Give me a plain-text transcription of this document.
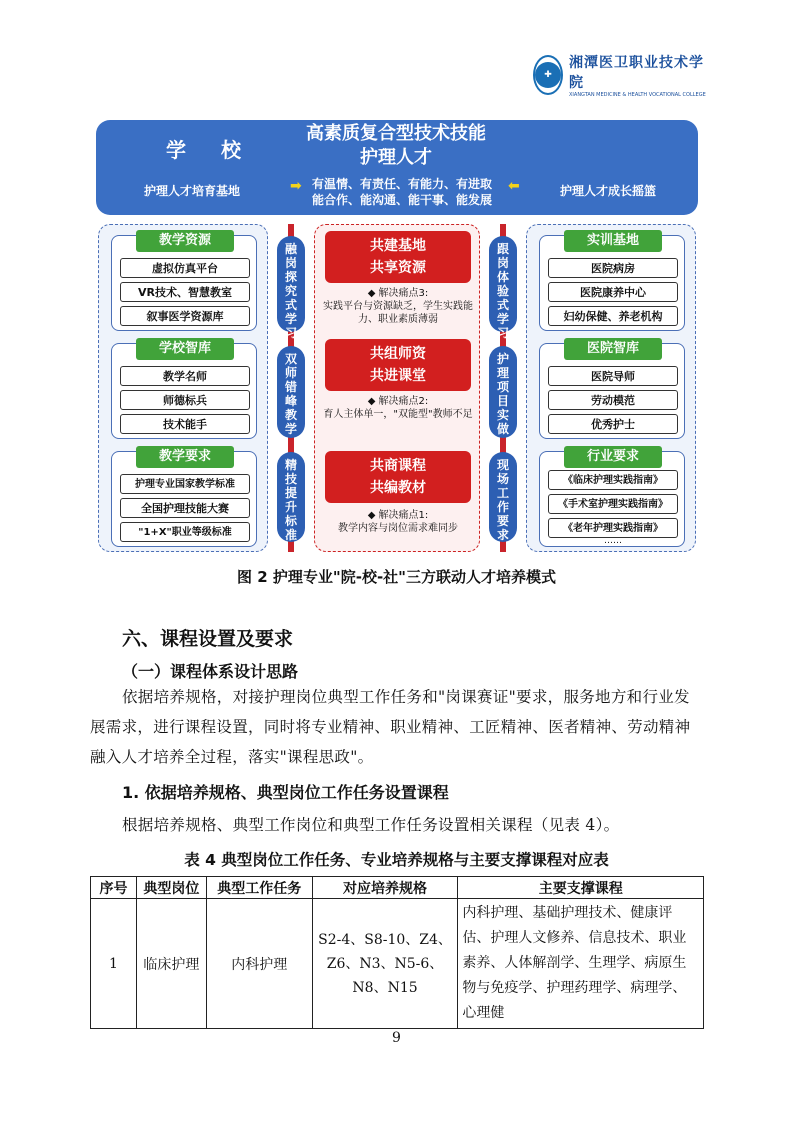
✚
湘潭医卫职业技术学院
XIANGTAN MEDICINE & HEALTH VOCATIONAL COLLEGE
学 校
高素质复合型技术技能
护理人才
护理人才培育基地	➡ 有温情、有责任、有能力、有进取
能合作、能沟通、能干事、能发展
⬅	护理人才成长摇篮
教学资源
虚拟仿真平台
VR技术、智慧教室
叙事医学资源库
学校智库
教学名师
师德标兵
技术能手
教学要求
护理专业国家教学标准
全国护理技能大赛
"1+X"职业等级标准
融
岗
探
究
式
学
习
双
师
错
峰
教
学
精
技
提
升
标
准
共建基地
共享资源
◆ 解决痛点3:
实践平台与资源缺乏，学生实践能力、职业素质薄弱
共组师资
共进课堂
◆ 解决痛点2:
育人主体单一，"双能型"教师不足
共商课程
共编教材
◆ 解决痛点1:
教学内容与岗位需求难同步
跟
岗
体
验
式
学
习
护
理
项
目
实
做
现
场
工
作
要
求
实训基地
医院病房
医院康养中心
妇幼保健、养老机构
医院智库
医院导师
劳动模范
优秀护士
行业要求
《临床护理实践指南》
《手术室护理实践指南》
《老年护理实践指南》
……
图 2 护理专业"院-校-社"三方联动人才培养模式
六、课程设置及要求
（一）课程体系设计思路
依据培养规格，对接护理岗位典型工作任务和"岗课赛证"要求，服务地方和行业发展需求，进行课程设置，同时将专业精神、职业精神、工匠精神、医者精神、劳动精神融入人才培养全过程，落实"课程思政"。
1. 依据培养规格、典型岗位工作任务设置课程
根据培养规格、典型工作岗位和典型工作任务设置相关课程（见表 4）。
表 4 典型岗位工作任务、专业培养规格与主要支撑课程对应表
序号	典型岗位	典型工作任务	对应培养规格	主要支撑课程
1	临床护理	内科护理	S2-4、S8-10、Z4、Z6、N3、N5-6、N8、N15	内科护理、基础护理技术、健康评估、护理人文修养、信息技术、职业素养、人体解剖学、生理学、病原生物与免疫学、护理药理学、病理学、心理健
9
